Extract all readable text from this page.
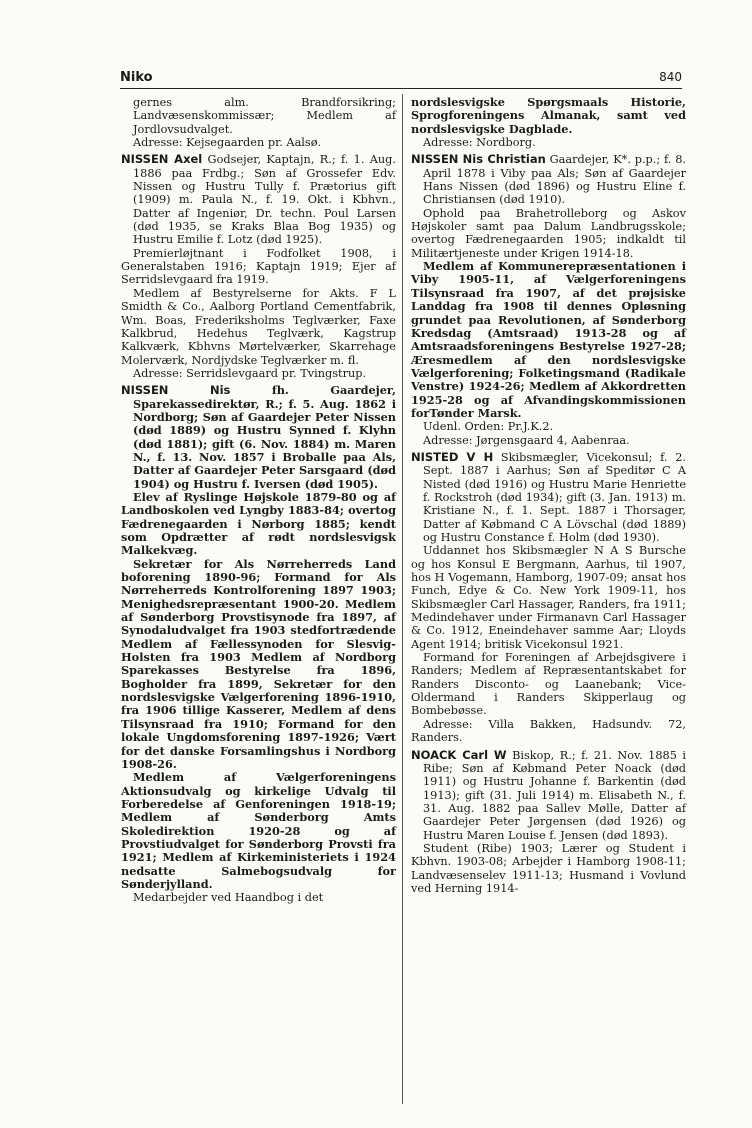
Niko	840

gernes alm. Brandforsikring; Landvæsenskommissær; Medlem af Jordlovsudvalget.

Adresse: Kejsegaarden pr. Aalsø.

NISSEN Axel Godsejer, Kaptajn, R.; f. 1. Aug. 1886 paa Frdbg.; Søn af Grossefer Edv. Nissen og Hustru Tully f. Prætorius gift (1909) m. Paula N., f. 19. Okt. i Kbhvn., Datter af Ingeniør, Dr. techn. Poul Larsen (død 1935, se Kraks Blaa Bog 1935) og Hustru Emilie f. Lotz (død 1925).

Premierløjtnant i Fodfolket 1908, i Generalstaben 1916; Kaptajn 1919; Ejer af Serridslevgaard fra 1919.

Medlem af Bestyrelserne for Akts. F L Smidth & Co., Aalborg Portland Cementfabrik, Wm. Boas, Frederiksholms Teglværker, Faxe Kalkbrud, Hedehus Teglværk, Kagstrup Kalkværk, Kbhvns Mørtelværker, Skarrehage Molerværk, Nordjydske Teglværker m. fl.

Adresse: Serridslevgaard pr. Tvingstrup.

NISSEN Nis fh. Gaardejer, Sparekassedirektør, R.; f. 5. Aug. 1862 i Nordborg; Søn af Gaardejer Peter Nissen (død 1889) og Hustru Synned f. Klyhn (død 1881); gift (6. Nov. 1884) m. Maren N., f. 13. Nov. 1857 i Broballe paa Als, Datter af Gaardejer Peter Sarsgaard (død 1904) og Hustru f. Iversen (død 1905).

Elev af Ryslinge Højskole 1879-80 og af Landboskolen ved Lyngby 1883-84; overtog Fædrenegaarden i Nørborg 1885; kendt som Opdrætter af rødt nordslesvigsk Malkekvæg.

Sekretær for Als Nørreherreds Land boforening 1890-96; Formand for Als Nørreherreds Kontrolforening 1897 1903; Menighedsrepræsentant 1900-20. Medlem af Sønderborg Provstisynode fra 1897, af Synodaludvalget fra 1903 stedfortrædende Medlem af Fællessynoden for Slesvig-Holsten fra 1903 Medlem af Nordborg Sparekasses Bestyrelse fra 1896, Bogholder fra 1899, Sekretær for den nordslesvigske Vælgerforening 1896-1910, fra 1906 tillige Kasserer, Medlem af dens Tilsynsraad fra 1910; Formand for den lokale Ungdomsforening 1897-1926; Vært for det danske Forsamlingshus i Nordborg 1908-26.

Medlem af Vælgerforeningens Aktionsudvalg og kirkelige Udvalg til Forberedelse af Genforeningen 1918-19; Medlem af Sønderborg Amts Skoledirektion 1920-28 og af Provstiudvalget for Sønderborg Provsti fra 1921; Medlem af Kirkeministeriets i 1924 nedsatte Salmebogsudvalg for Sønderjylland.

Medarbejder ved Haandbog i det

nordslesvigske Spørgsmaals Historie, Sprogforeningens Almanak, samt ved nordslesvigske Dagblade.

Adresse: Nordborg.

NISSEN Nis Christian Gaardejer, K*. p.p.; f. 8. April 1878 i Viby paa Als; Søn af Gaardejer Hans Nissen (død 1896) og Hustru Eline f. Christiansen (død 1910).

Ophold paa Brahetrolleborg og Askov Højskoler samt paa Dalum Landbrugsskole; overtog Fædrenegaarden 1905; indkaldt til Militærtjeneste under Krigen 1914-18.

Medlem af Kommunerepræsentationen i Viby 1905-11, af Vælgerforeningens Tilsynsraad fra 1907, af det prøjsiske Landdag fra 1908 til dennes Opløsning grundet paa Revolutionen, af Sønderborg Kredsdag (Amtsraad) 1913-28 og af Amtsraadsforeningens Bestyrelse 1927-28; Æresmedlem af den nordslesvigske Vælgerforening; Folketingsmand (Radikale Venstre) 1924-26; Medlem af Akkordretten 1925-28 og af Afvandingskommissionen forTønder Marsk.

Udenl. Orden: Pr.J.K.2.

Adresse: Jørgensgaard 4, Aabenraa.

NISTED V H Skibsmægler, Vicekonsul; f. 2. Sept. 1887 i Aarhus; Søn af Speditør C A Nisted (død 1916) og Hustru Marie Henriette f. Rockstroh (død 1934); gift (3. Jan. 1913) m. Kristiane N., f. 1. Sept. 1887 i Thorsager, Datter af Købmand C A Lövschal (død 1889) og Hustru Constance f. Holm (død 1930).

Uddannet hos Skibsmægler N A S Bursche og hos Konsul E Bergmann, Aarhus, til 1907, hos H Vogemann, Hamborg, 1907-09; ansat hos Funch, Edye & Co. New York 1909-11, hos Skibsmægler Carl Hassager, Randers, fra 1911; Medindehaver under Firmanavn Carl Hassager & Co. 1912, Eneindehaver samme Aar; Lloyds Agent 1914; britisk Vicekonsul 1921.

Formand for Foreningen af Arbejdsgivere i Randers; Medlem af Repræsentantskabet for Randers Disconto- og Laanebank; Vice-Oldermand i Randers Skipperlaug og Bombebøsse.

Adresse: Villa Bakken, Hadsundv. 72, Randers.

NOACK Carl W Biskop, R.; f. 21. Nov. 1885 i Ribe; Søn af Købmand Peter Noack (død 1911) og Hustru Johanne f. Barkentin (død 1913); gift (31. Juli 1914) m. Elisabeth N., f. 31. Aug. 1882 paa Sallev Mølle, Datter af Gaardejer Peter Jørgensen (død 1926) og Hustru Maren Louise f. Jensen (død 1893).

Student (Ribe) 1903; Lærer og Student i Kbhvn. 1903-08; Arbejder i Hamborg 1908-11; Landvæsenselev 1911-13; Husmand i Vovlund ved Herning 1914-
